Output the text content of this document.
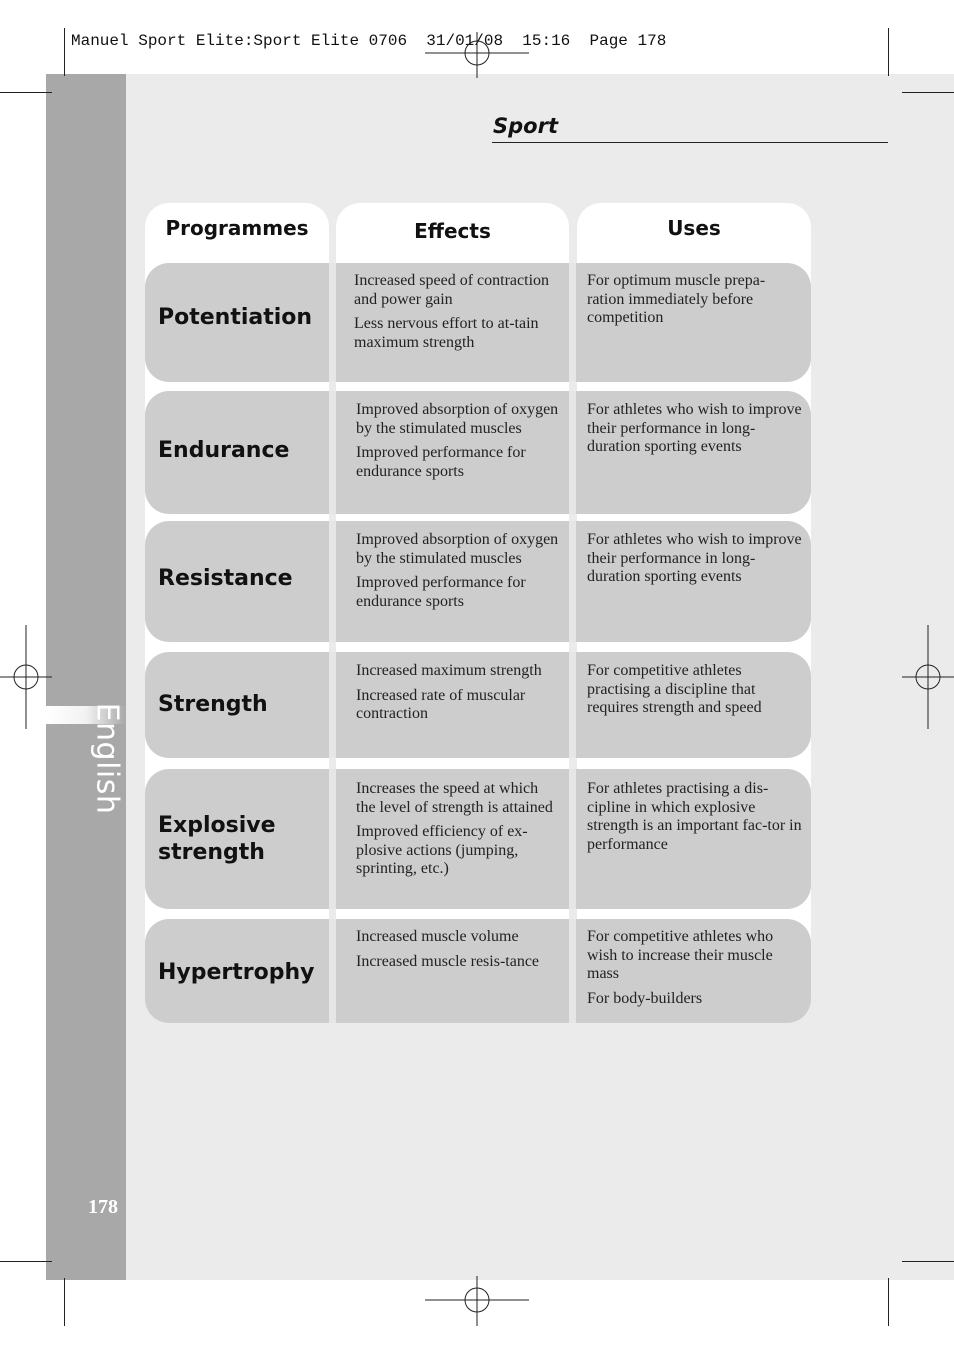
English
178
Manuel Sport Elite:Sport Elite 0706  31/01/08  15:16  Page 178
Sport
Programmes	Effects	Uses
Potentiation

Increased speed of contraction and power gain

Less nervous effort to at-tain maximum strength

For optimum muscle prepa-ration immediately before competition

Endurance

Improved absorption of oxygen by the stimulated muscles

Improved performance for endurance sports

For athletes who wish to improve their performance in long-duration sporting events

Resistance

Improved absorption of oxygen by the stimulated muscles

Improved performance for endurance sports

For athletes who wish to improve their performance in long-duration sporting events

Strength

Increased maximum strength

Increased rate of muscular contraction

For competitive athletes practising a discipline that requires strength and speed

Explosive strength

Increases the speed at which the level of strength is attained

Improved efficiency of ex-plosive actions (jumping, sprinting, etc.)

For athletes practising a dis-cipline in which explosive strength is an important fac-tor in performance

Hypertrophy

Increased muscle volume

Increased muscle resis-tance

For competitive athletes who wish to increase their muscle mass

For body-builders
